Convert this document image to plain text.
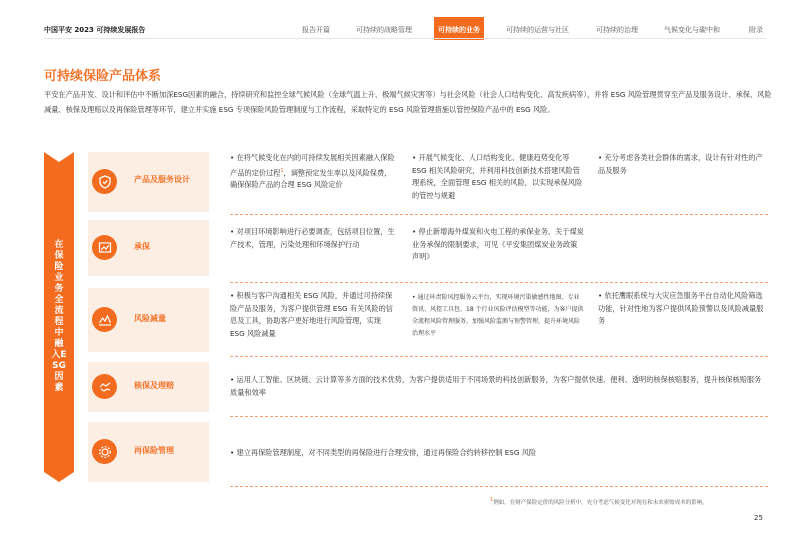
中国平安 2023 可持续发展报告	报告开篇	可持续的战略管理	可持续的业务	可持续的运营与社区	可持续的治理	气候变化与碳中和	附录
可持续保险产品体系
平安在产品开发、设计和评估中不断加深ESG因素的融合，持续研究和监控全球气候风险（全球气温上升、极端气候灾害等）与社会风险（社会人口结构变化、高发疾病等），并将 ESG 风险管理贯穿至产品及服务设计、承保、风险减量、核保及理赔以及再保险管理等环节，建立并实施 ESG 专项保险风险管理制度与工作流程，采取特定的 ESG 风险管理措施以管控保险产品中的 ESG 风险。
在保险业务全流程中融入ESG因素
产品及服务设计
• 在将气候变化在内的可持续发展相关因素融入保险产品的定价过程$^1$，调整预定发生率以及风险保费，确保保险产品的合理 ESG 风险定价
• 开展气候变化、人口结构变化、健康趋势变化等 ESG 相关风险研究，并利用科技创新技术搭建风险管理系统，全面管理 ESG 相关的风险，以实现承保风险的管控与规避
• 充分考虑各类社会群体的需求，设计有针对性的产品及服务
承保
• 对项目环境影响进行必要调查，包括项目位置，生产技术，管理，污染处理和环境保护行动
• 停止新增海外煤炭和火电工程的承保业务，关于煤炭业务承保的限制要求，可见《平安集团煤炭业务政策声明》
风险减量
• 积极与客户沟通相关 ESG 风险，并通过可持续保险产品及服务，为客户提供管理 ESG 有关风险的信息及工具，协助客户更好地进行风险管理，实现 ESG 风险减量
• 通过环责险风控服务云平台，实现环境污染敏感性地图、专业资讯、风控工具包、18 个行业风险评估模型等功能，为客户提供全流程风险管理服务，加强风险监测与预警管理，提升环境风险治理水平
• 依托鹰眼系统与大灾应急服务平台自动化风险筛选功能，针对性地为客户提供风险预警以及风险减量服务
核保及理赔
• 运用人工智能、区块链、云计算等多方面的技术优势，为客户提供适用于不同场景的科技创新服务，为客户提供快速、便利、透明的核保核赔服务，提升核保核赔服务质量和效率
再保险管理	• 建立再保险管理制度，对不同类型的再保险进行合理安排，通过再保险合约转移控制 ESG 风险
$^1$例如，在财产保险定价的风险分析中，充分考虑气候变化对现在和未来索赔成本的影响。
25
